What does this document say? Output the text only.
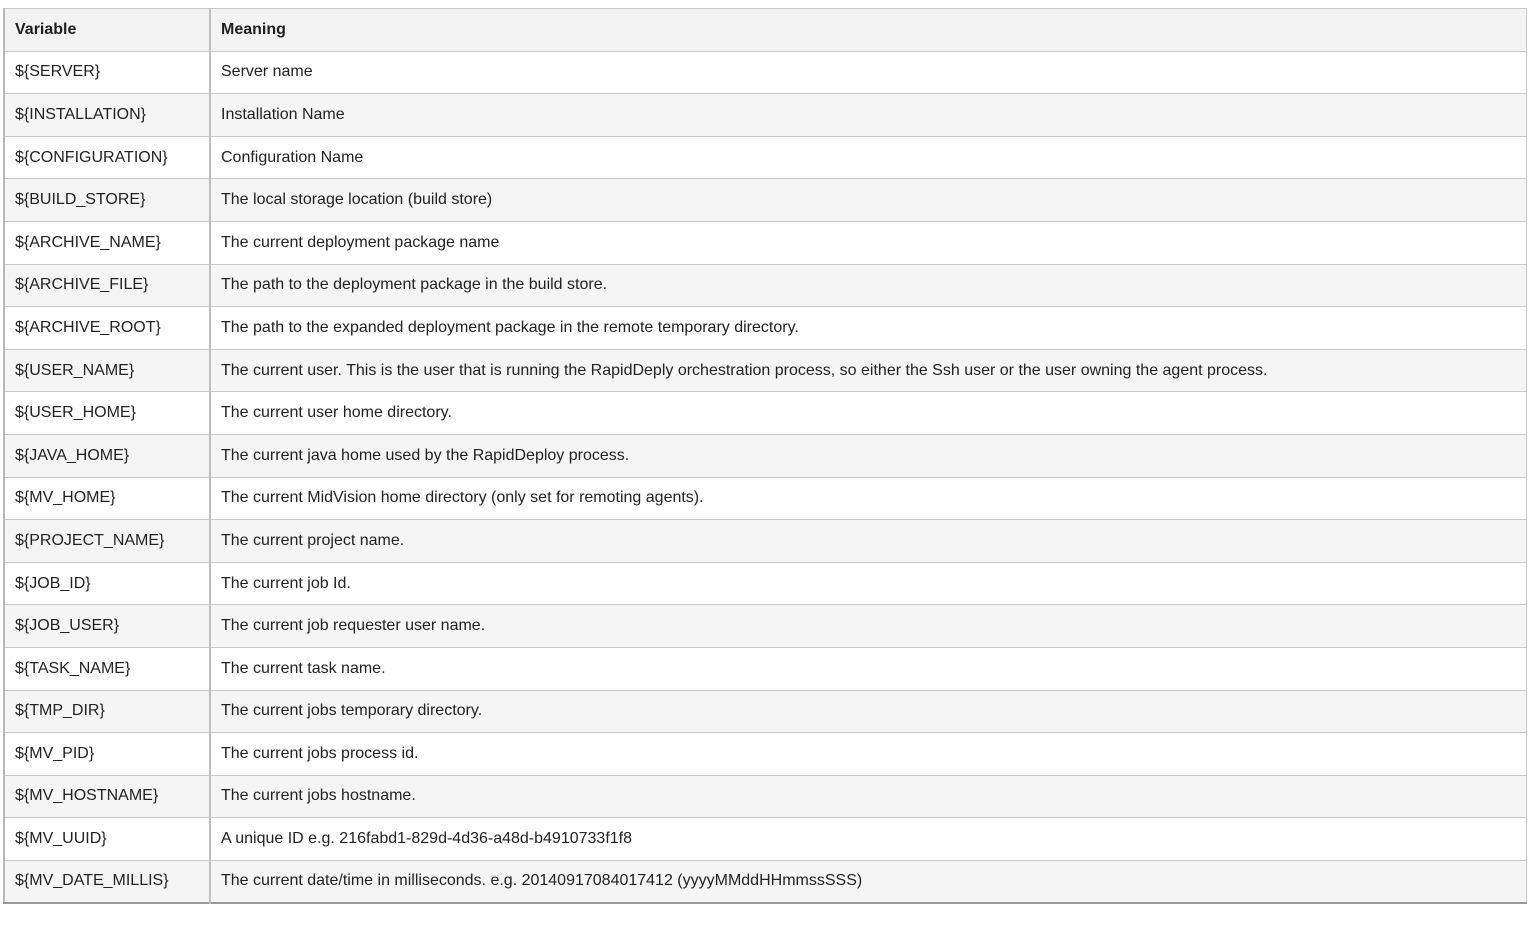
Variable	Meaning
${SERVER}	Server name
${INSTALLATION}	Installation Name
${CONFIGURATION}	Configuration Name
${BUILD_STORE}	The local storage location (build store)
${ARCHIVE_NAME}	The current deployment package name
${ARCHIVE_FILE}	The path to the deployment package in the build store.
${ARCHIVE_ROOT}	The path to the expanded deployment package in the remote temporary directory.
${USER_NAME}	The current user. This is the user that is running the RapidDeply orchestration process, so either the Ssh user or the user owning the agent process.
${USER_HOME}	The current user home directory.
${JAVA_HOME}	The current java home used by the RapidDeploy process.
${MV_HOME}	The current MidVision home directory (only set for remoting agents).
${PROJECT_NAME}	The current project name.
${JOB_ID}	The current job Id.
${JOB_USER}	The current job requester user name.
${TASK_NAME}	The current task name.
${TMP_DIR}	The current jobs temporary directory.
${MV_PID}	The current jobs process id.
${MV_HOSTNAME}	The current jobs hostname.
${MV_UUID}	A unique ID e.g. 216fabd1-829d-4d36-a48d-b4910733f1f8
${MV_DATE_MILLIS}	The current date/time in milliseconds. e.g. 20140917084017412 (yyyyMMddHHmmssSSS)
